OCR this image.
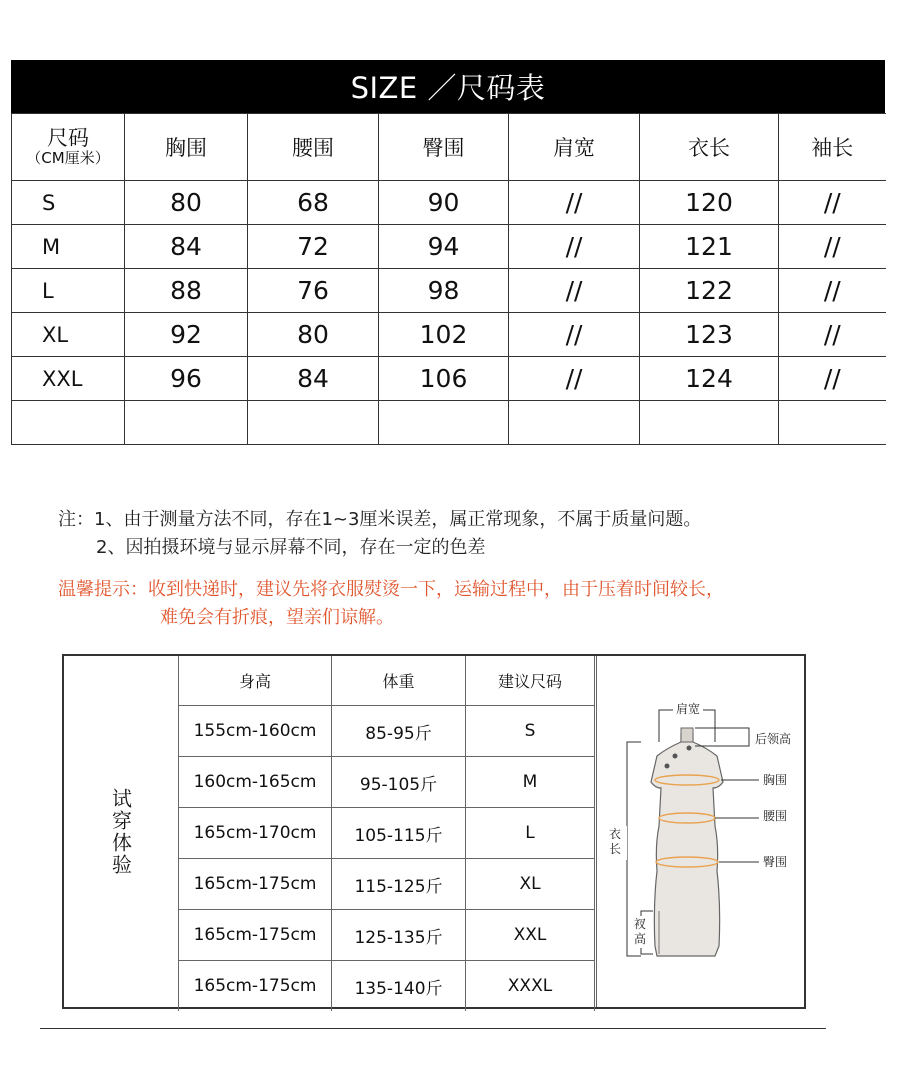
SIZE ／尺码表
尺码
（CM厘米）	胸围	腰围	臀围	肩宽	衣长	袖长
S	80	68	90	//	120	//
M	84	72	94	//	121	//
L	88	76	98	//	122	//
XL	92	80	102	//	123	//
XXL	96	84	106	//	124	//

注：1、由于测量方法不同，存在1~3厘米误差，属正常现象，不属于质量问题。
2、因拍摄环境与显示屏幕不同，存在一定的色差
温馨提示：收到快递时，建议先将衣服熨烫一下，运输过程中，由于压着时间较长，
难免会有折痕，望亲们谅解。
试穿体验
身高	体重	建议尺码
155cm-160cm	85-95斤	S
160cm-165cm	95-105斤	M
165cm-170cm	105-115斤	L
165cm-175cm	115-125斤	XL
165cm-175cm	125-135斤	XXL
165cm-175cm	135-140斤	XXXL
肩宽
后领高
胸围
腰围
臀围
衣
长
衩
高
